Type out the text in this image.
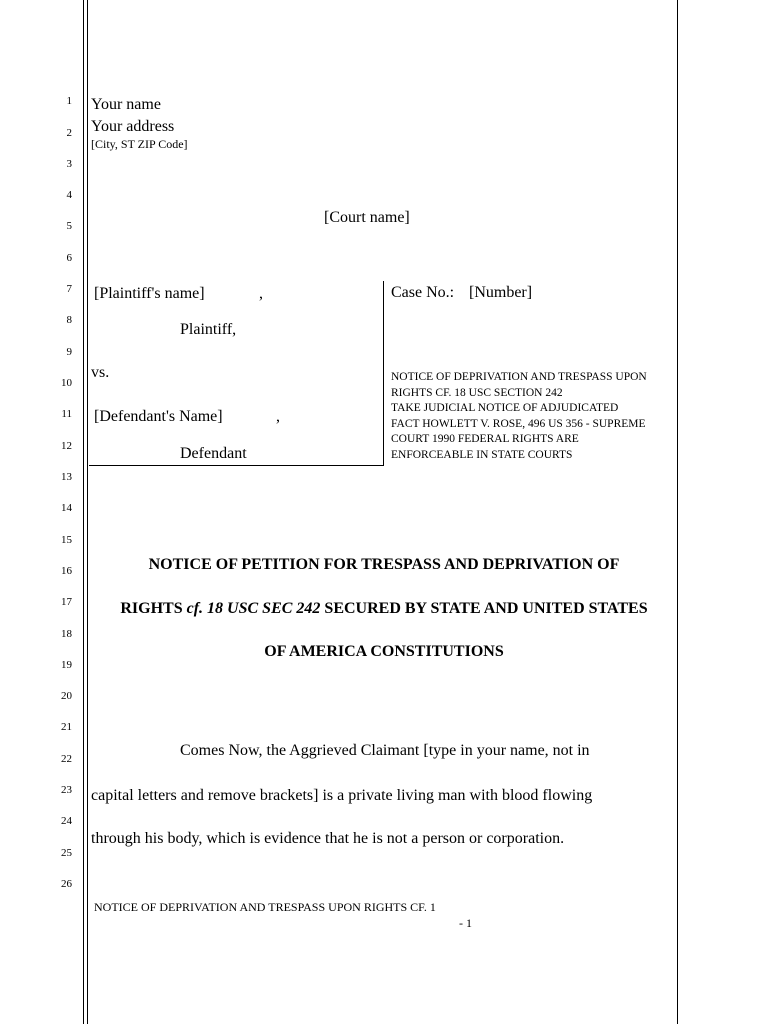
1
2
3
4
5
6
7
8
9
10
11
12
13
14
15
16
17
18
19
20
21
22
23
24
25
26
Your name
Your address
[City, ST ZIP Code]
[Court name]
[Plaintiff's name]	,
Plaintiff,
vs.
[Defendant's Name]	,
Defendant
Case No.: [Number]
NOTICE OF DEPRIVATION AND TRESPASS UPON
RIGHTS CF. 18 USC SECTION 242
TAKE JUDICIAL NOTICE OF ADJUDICATED
FACT HOWLETT V. ROSE, 496 US 356 - SUPREME
COURT 1990 FEDERAL RIGHTS ARE
ENFORCEABLE IN STATE COURTS
NOTICE OF PETITION FOR TRESPASS AND DEPRIVATION OF
RIGHTS cf. 18 USC SEC 242 SECURED BY STATE AND UNITED STATES
OF AMERICA CONSTITUTIONS
Comes Now, the Aggrieved Claimant [type in your name, not in
capital letters and remove brackets] is a private living man with blood flowing
through his body, which is evidence that he is not a person or corporation.
NOTICE OF DEPRIVATION AND TRESPASS UPON RIGHTS CF. 1
- 1
